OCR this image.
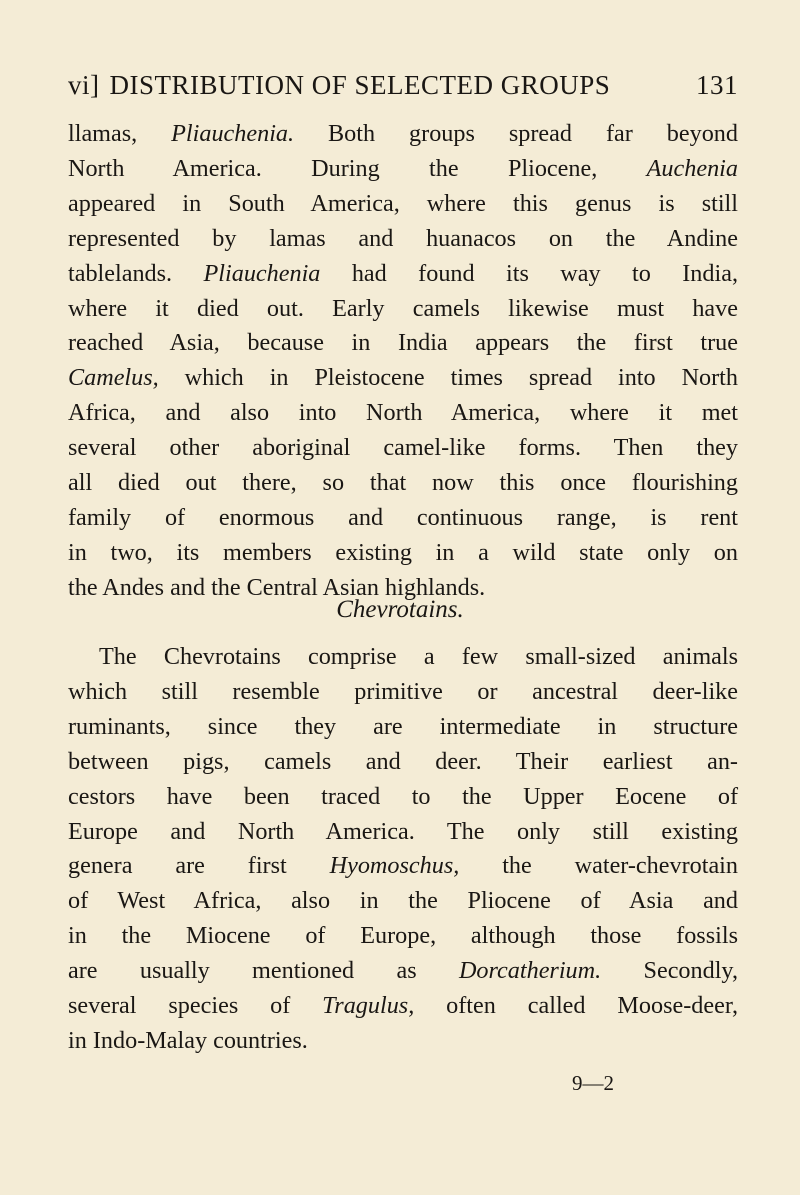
vi] DISTRIBUTION OF SELECTED GROUPS	131
llamas, Pliauchenia. Both groups spread far beyond
North America. During the Pliocene, Auchenia
appeared in South America, where this genus is still
represented by lamas and huanacos on the Andine
tablelands. Pliauchenia had found its way to India,
where it died out. Early camels likewise must have
reached Asia, because in India appears the first true
Camelus, which in Pleistocene times spread into North
Africa, and also into North America, where it met
several other aboriginal camel-like forms. Then they
all died out there, so that now this once flourishing
family of enormous and continuous range, is rent
in two, its members existing in a wild state only on
the Andes and the Central Asian highlands.
Chevrotains.
The Chevrotains comprise a few small-sized animals
which still resemble primitive or ancestral deer-like
ruminants, since they are intermediate in structure
between pigs, camels and deer. Their earliest an-
cestors have been traced to the Upper Eocene of
Europe and North America. The only still existing
genera are first Hyomoschus, the water-chevrotain
of West Africa, also in the Pliocene of Asia and
in the Miocene of Europe, although those fossils
are usually mentioned as Dorcatherium. Secondly,
several species of Tragulus, often called Moose-deer,
in Indo-Malay countries.
9—2
